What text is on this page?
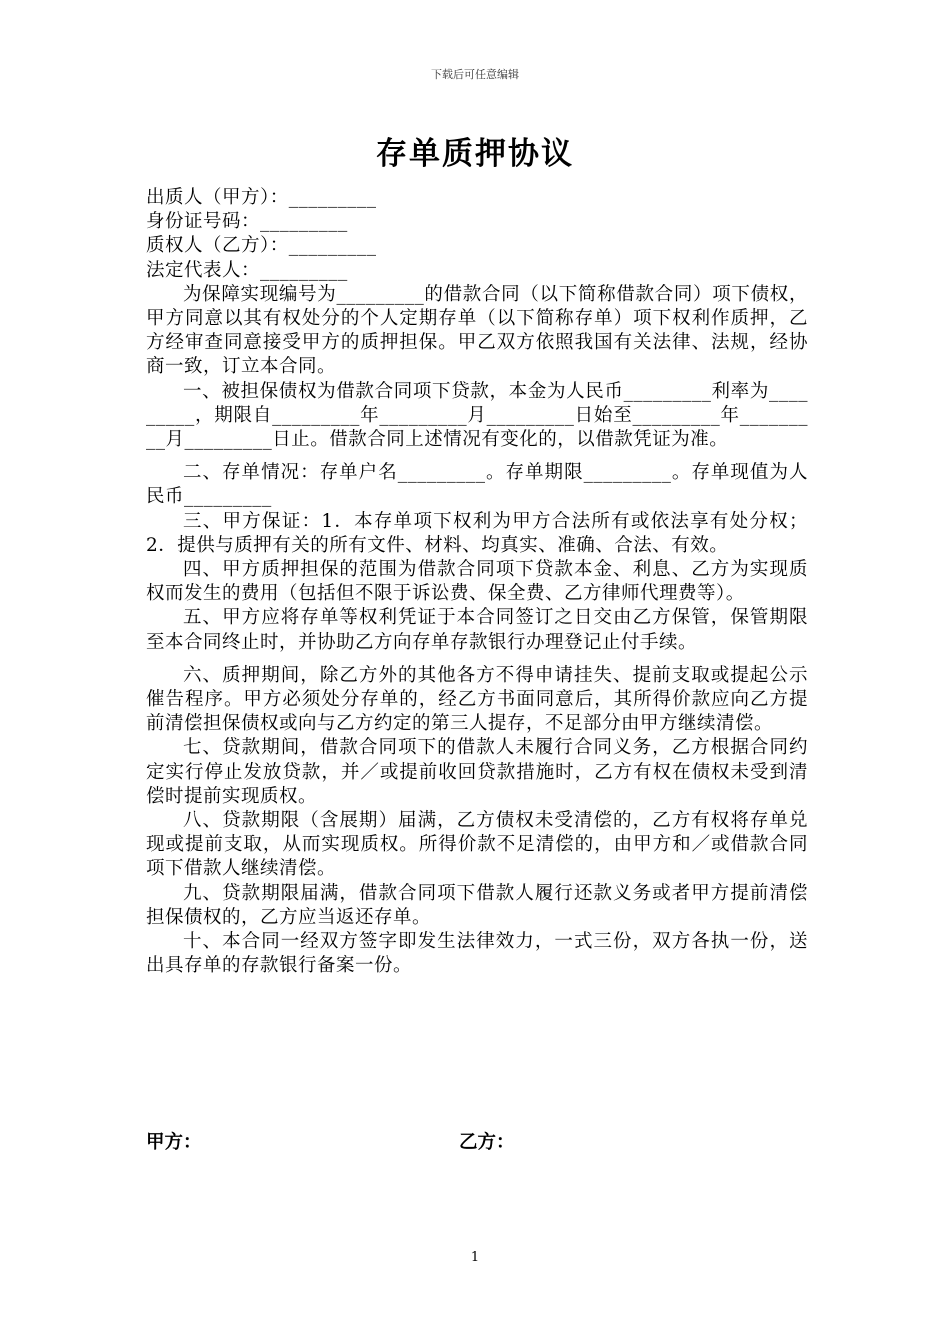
下载后可任意编辑
存单质押协议
出质人（甲方）：_________
身份证号码：_________
质权人（乙方）：_________
法定代表人：_________
为保障实现编号为_________的借款合同（以下简称借款合同）项下债权，甲方同意以其有权处分的个人定期存单（以下简称存单）项下权利作质押，乙方经审查同意接受甲方的质押担保。甲乙双方依照我国有关法律、法规，经协商一致，订立本合同。
一、被担保债权为借款合同项下贷款，本金为人民币_________利率为_________，期限自_________年_________月_________日始至_________年_________月_________日止。借款合同上述情况有变化的，以借款凭证为准。
二、存单情况：存单户名_________。存单期限_________。存单现值为人民币_________
三、甲方保证：1．本存单项下权利为甲方合法所有或依法享有处分权；2．提供与质押有关的所有文件、材料、均真实、准确、合法、有效。
四、甲方质押担保的范围为借款合同项下贷款本金、利息、乙方为实现质权而发生的费用（包括但不限于诉讼费、保全费、乙方律师代理费等）。
五、甲方应将存单等权利凭证于本合同签订之日交由乙方保管，保管期限至本合同终止时，并协助乙方向存单存款银行办理登记止付手续。
六、质押期间，除乙方外的其他各方不得申请挂失、提前支取或提起公示催告程序。甲方必须处分存单的，经乙方书面同意后，其所得价款应向乙方提前清偿担保债权或向与乙方约定的第三人提存，不足部分由甲方继续清偿。
七、贷款期间，借款合同项下的借款人未履行合同义务，乙方根据合同约定实行停止发放贷款，并／或提前收回贷款措施时，乙方有权在债权未受到清偿时提前实现质权。
八、贷款期限（含展期）届满，乙方债权未受清偿的，乙方有权将存单兑现或提前支取，从而实现质权。所得价款不足清偿的，由甲方和／或借款合同项下借款人继续清偿。
九、贷款期限届满，借款合同项下借款人履行还款义务或者甲方提前清偿担保债权的，乙方应当返还存单。
十、本合同一经双方签字即发生法律效力，一式三份，双方各执一份，送出具存单的存款银行备案一份。
甲方：	乙方：
1
